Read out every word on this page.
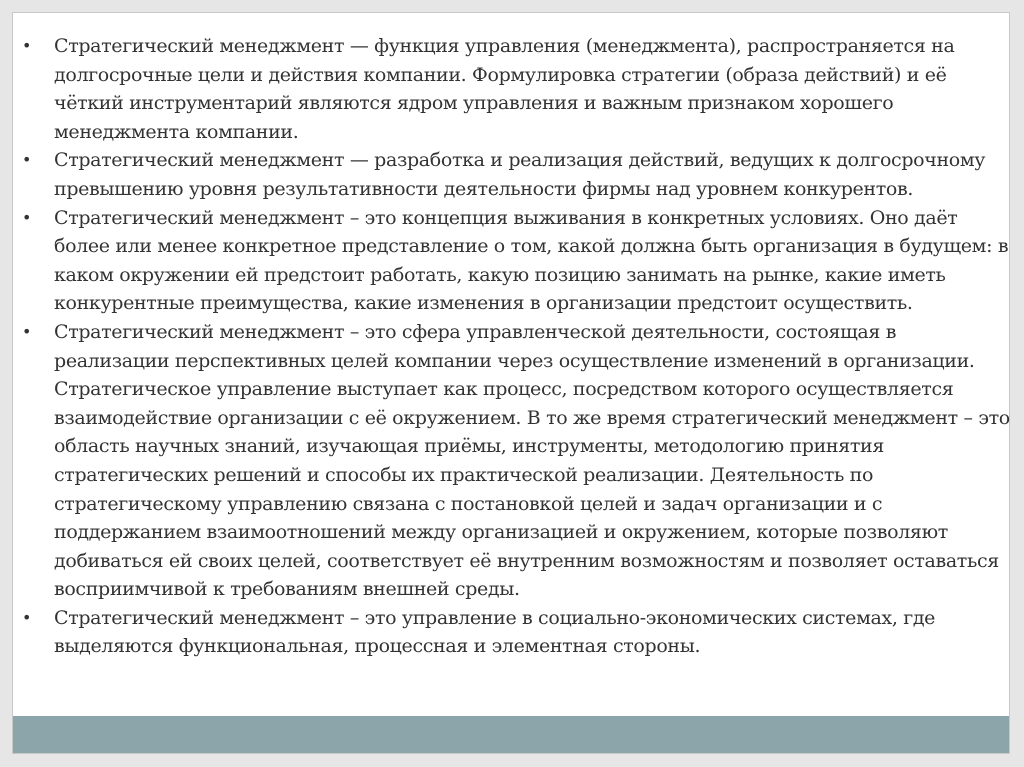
• Стратегический менеджмент — функция управления (менеджмента), распространяется на долгосрочные цели и действия компании. Формулировка стратегии (образа действий) и её чёткий инструментарий являются ядром управления и важным признаком хорошего менеджмента компании.
• Стратегический менеджмент — разработка и реализация действий, ведущих к долгосрочному превышению уровня результативности деятельности фирмы над уровнем конкурентов.
• Стратегический менеджмент – это концепция выживания в конкретных условиях. Оно даёт более или менее конкретное представление о том, какой должна быть организация в будущем: в каком окружении ей предстоит работать, какую позицию занимать на рынке, какие иметь конкурентные преимущества, какие изменения в организации предстоит осуществить.
• Стратегический менеджмент – это сфера управленческой деятельности, состоящая в реализации перспективных целей компании через осуществление изменений в организации. Стратегическое управление выступает как процесс, посредством которого осуществляется взаимодействие организации с её окружением. В то же время стратегический менеджмент – это область научных знаний, изучающая приёмы, инструменты, методологию принятия стратегических решений и способы их практической реализации. Деятельность по стратегическому управлению связана с постановкой целей и задач организации и с поддержанием взаимоотношений между организацией и окружением, которые позволяют добиваться ей своих целей, соответствует её внутренним возможностям и позволяет оставаться восприимчивой к требованиям внешней среды.
• Стратегический менеджмент – это управление в социально-экономических системах, где выделяются функциональная, процессная и элементная стороны.
